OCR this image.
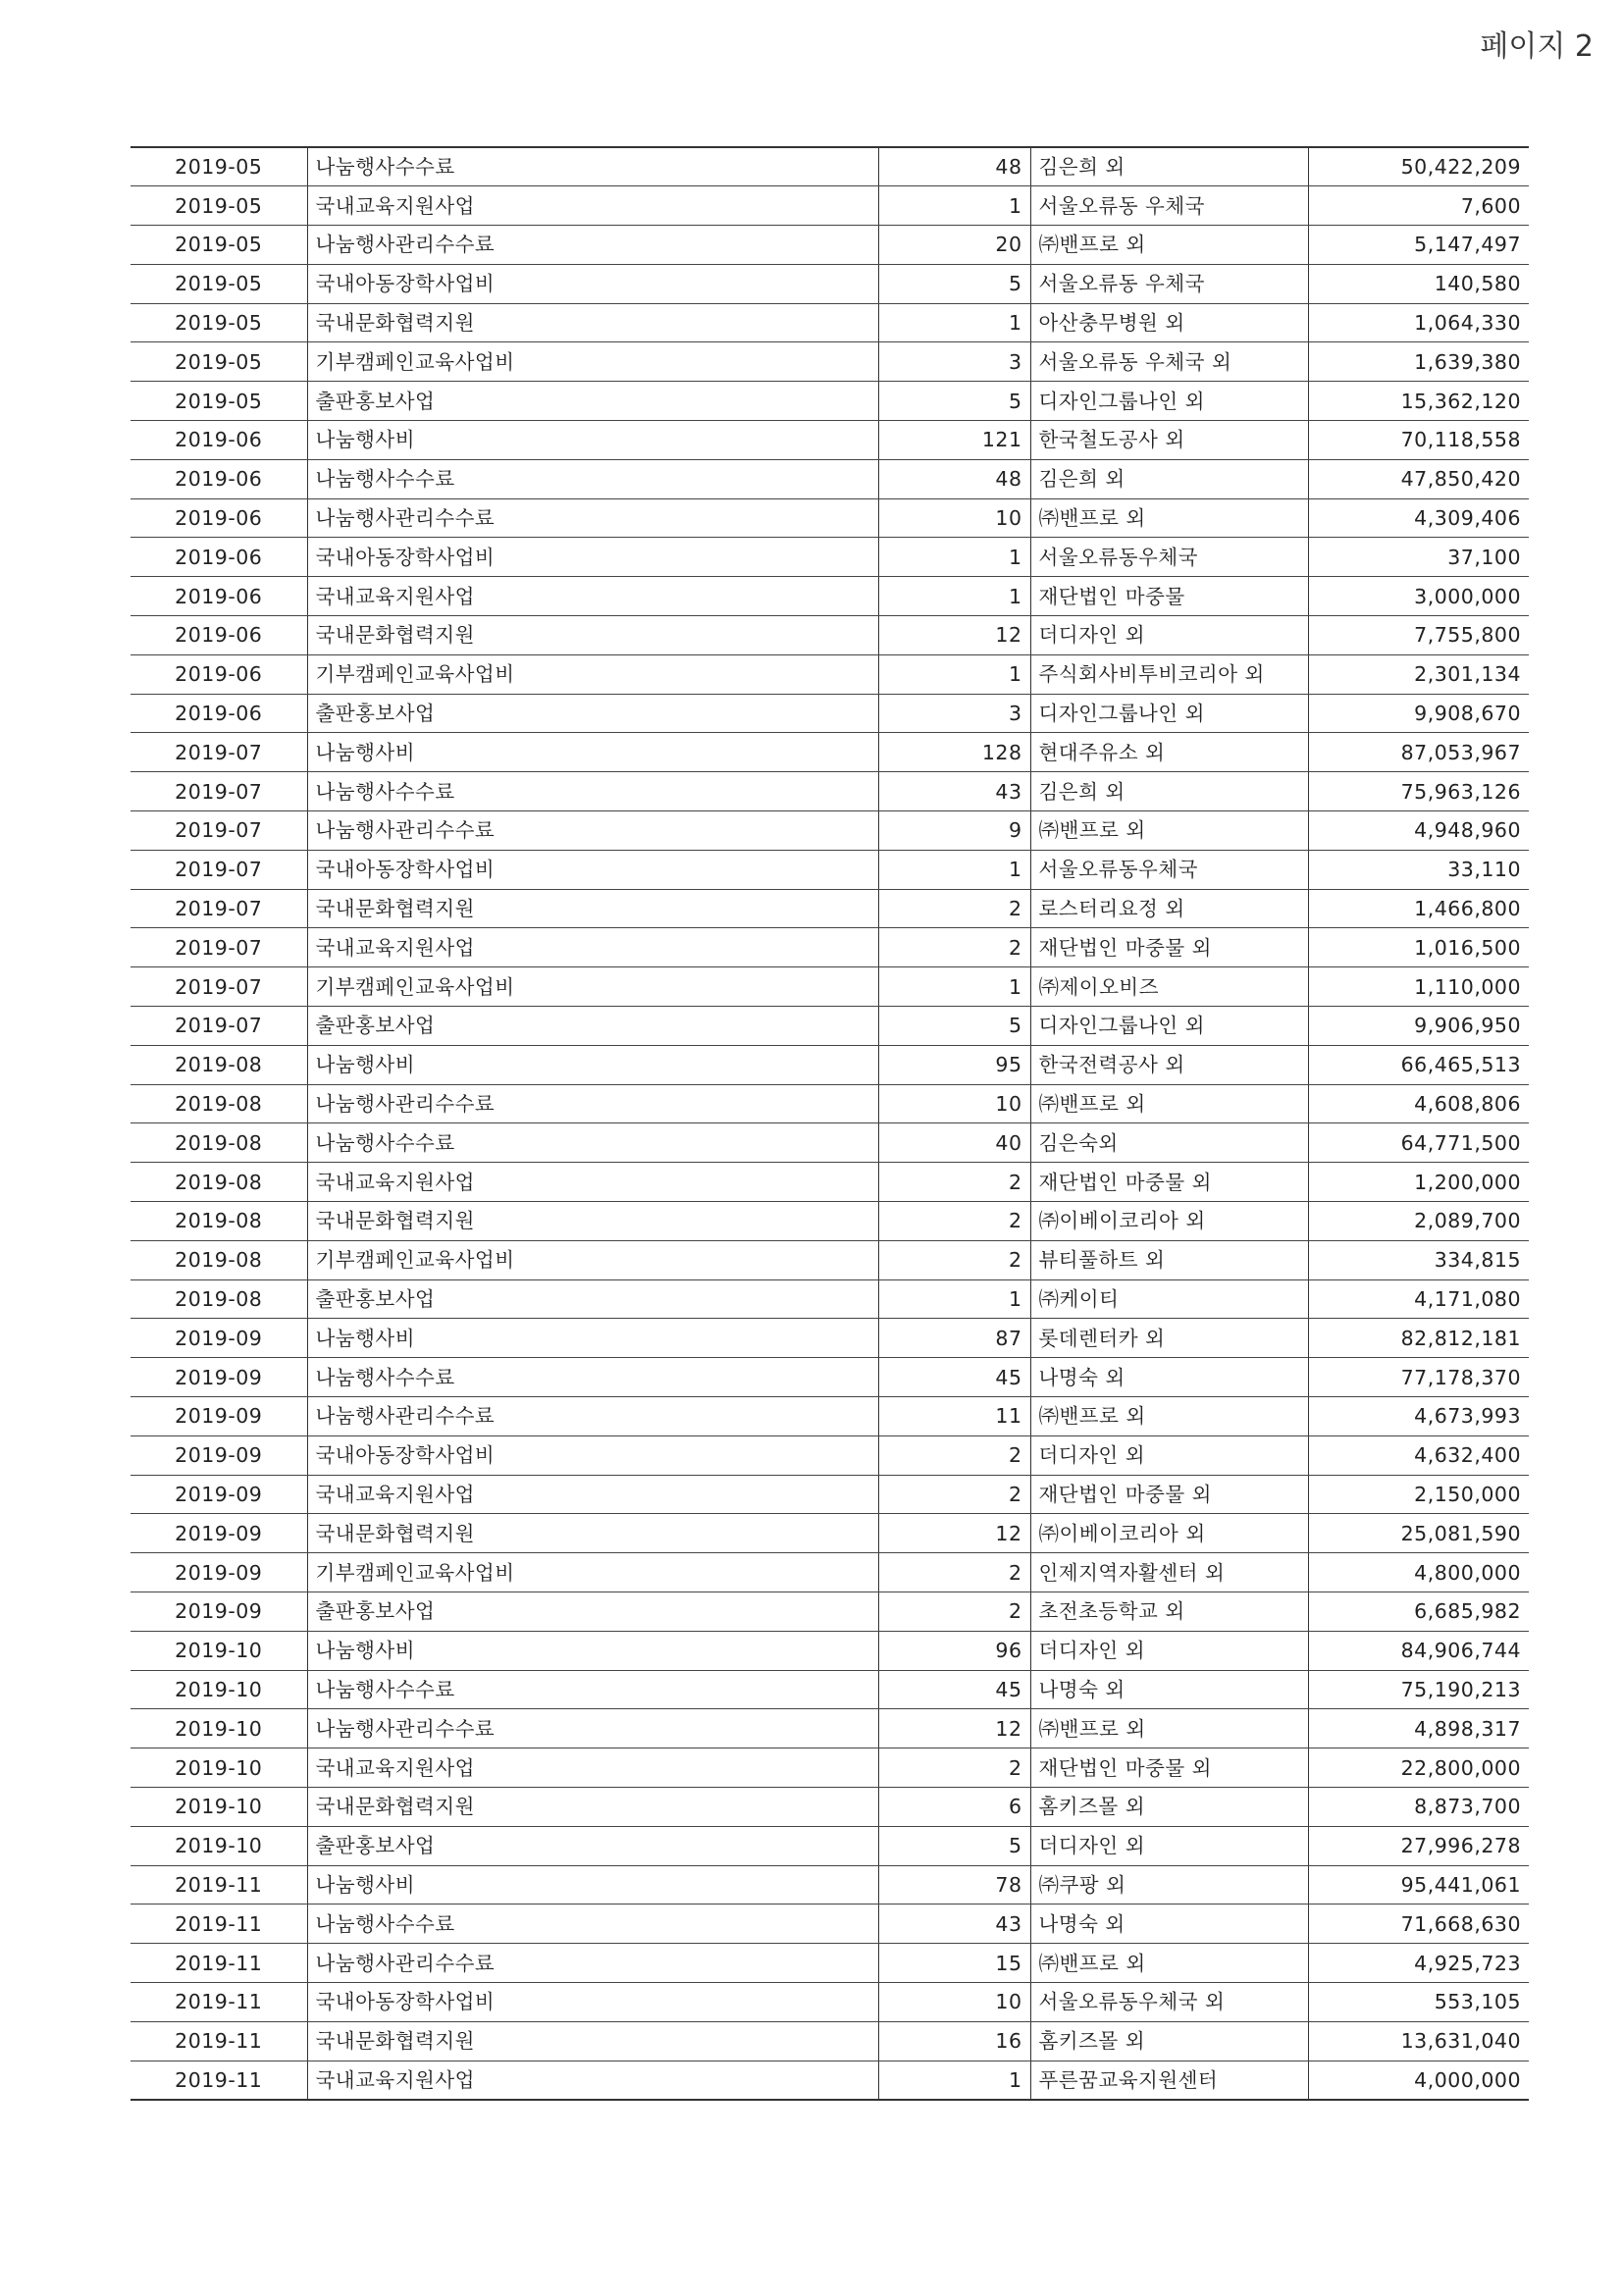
페이지 2
2019-05	나눔행사수수료	48	김은희 외	50,422,209
2019-05	국내교육지원사업	1	서울오류동 우체국	7,600
2019-05	나눔행사관리수수료	20	㈜밴프로 외	5,147,497
2019-05	국내아동장학사업비	5	서울오류동 우체국	140,580
2019-05	국내문화협력지원	1	아산충무병원 외	1,064,330
2019-05	기부캠페인교육사업비	3	서울오류동 우체국 외	1,639,380
2019-05	출판홍보사업	5	디자인그룹나인 외	15,362,120
2019-06	나눔행사비	121	한국철도공사 외	70,118,558
2019-06	나눔행사수수료	48	김은희 외	47,850,420
2019-06	나눔행사관리수수료	10	㈜밴프로 외	4,309,406
2019-06	국내아동장학사업비	1	서울오류동우체국	37,100
2019-06	국내교육지원사업	1	재단법인 마중물	3,000,000
2019-06	국내문화협력지원	12	더디자인 외	7,755,800
2019-06	기부캠페인교육사업비	1	주식회사비투비코리아 외	2,301,134
2019-06	출판홍보사업	3	디자인그룹나인 외	9,908,670
2019-07	나눔행사비	128	현대주유소 외	87,053,967
2019-07	나눔행사수수료	43	김은희 외	75,963,126
2019-07	나눔행사관리수수료	9	㈜밴프로 외	4,948,960
2019-07	국내아동장학사업비	1	서울오류동우체국	33,110
2019-07	국내문화협력지원	2	로스터리요정 외	1,466,800
2019-07	국내교육지원사업	2	재단법인 마중물 외	1,016,500
2019-07	기부캠페인교육사업비	1	㈜제이오비즈	1,110,000
2019-07	출판홍보사업	5	디자인그룹나인 외	9,906,950
2019-08	나눔행사비	95	한국전력공사 외	66,465,513
2019-08	나눔행사관리수수료	10	㈜밴프로 외	4,608,806
2019-08	나눔행사수수료	40	김은숙외	64,771,500
2019-08	국내교육지원사업	2	재단법인 마중물 외	1,200,000
2019-08	국내문화협력지원	2	㈜이베이코리아 외	2,089,700
2019-08	기부캠페인교육사업비	2	뷰티풀하트 외	334,815
2019-08	출판홍보사업	1	㈜케이티	4,171,080
2019-09	나눔행사비	87	롯데렌터카 외	82,812,181
2019-09	나눔행사수수료	45	나명숙 외	77,178,370
2019-09	나눔행사관리수수료	11	㈜밴프로 외	4,673,993
2019-09	국내아동장학사업비	2	더디자인 외	4,632,400
2019-09	국내교육지원사업	2	재단법인 마중물 외	2,150,000
2019-09	국내문화협력지원	12	㈜이베이코리아 외	25,081,590
2019-09	기부캠페인교육사업비	2	인제지역자활센터 외	4,800,000
2019-09	출판홍보사업	2	초전초등학교 외	6,685,982
2019-10	나눔행사비	96	더디자인 외	84,906,744
2019-10	나눔행사수수료	45	나명숙 외	75,190,213
2019-10	나눔행사관리수수료	12	㈜밴프로 외	4,898,317
2019-10	국내교육지원사업	2	재단법인 마중물 외	22,800,000
2019-10	국내문화협력지원	6	홈키즈몰 외	8,873,700
2019-10	출판홍보사업	5	더디자인 외	27,996,278
2019-11	나눔행사비	78	㈜쿠팡 외	95,441,061
2019-11	나눔행사수수료	43	나명숙 외	71,668,630
2019-11	나눔행사관리수수료	15	㈜밴프로 외	4,925,723
2019-11	국내아동장학사업비	10	서울오류동우체국 외	553,105
2019-11	국내문화협력지원	16	홈키즈몰 외	13,631,040
2019-11	국내교육지원사업	1	푸른꿈교육지원센터	4,000,000
